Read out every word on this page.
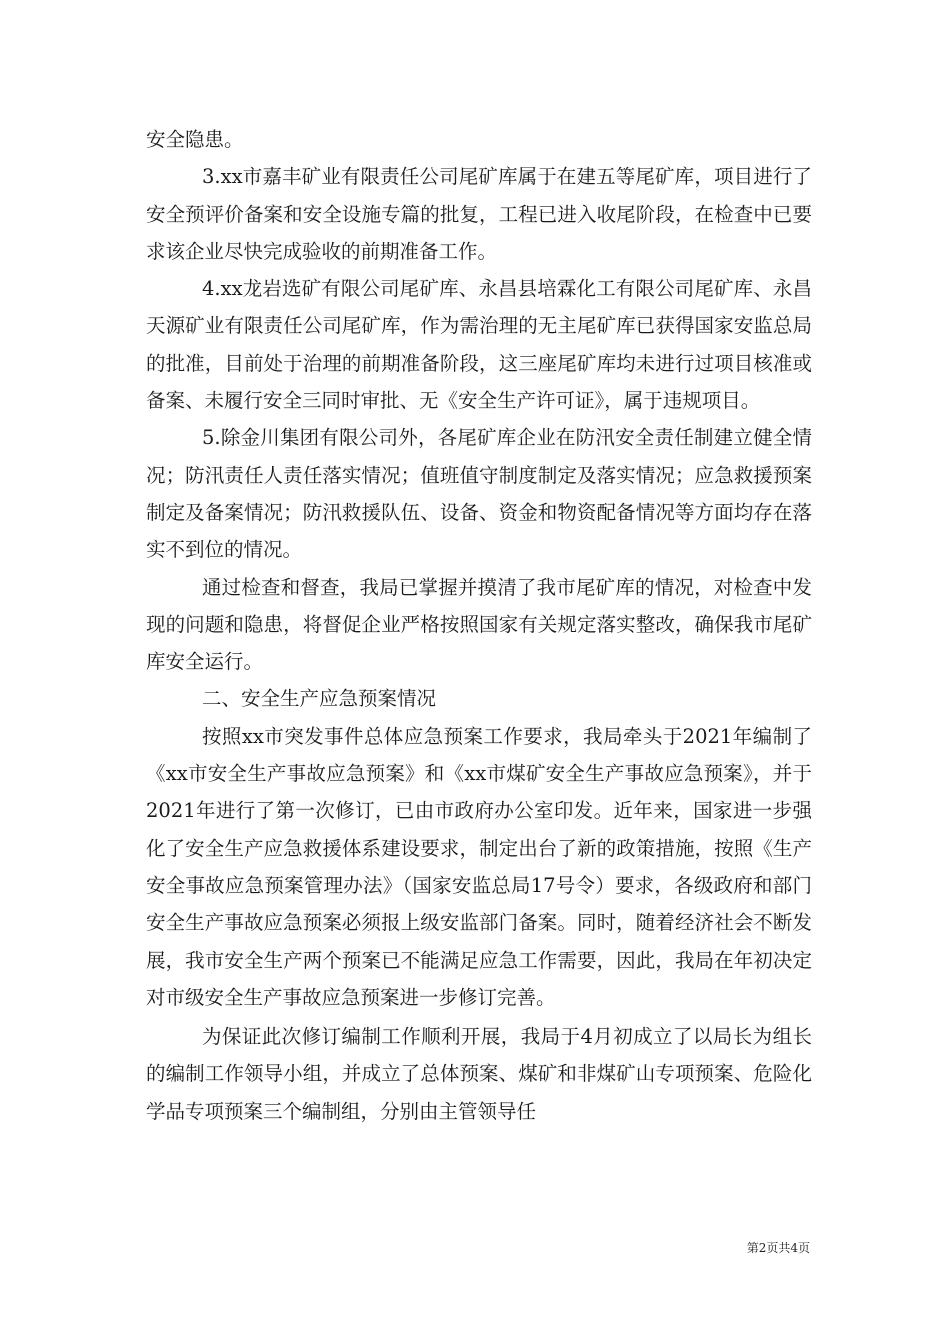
安全隐患。

3.xx市嘉丰矿业有限责任公司尾矿库属于在建五等尾矿库，项目进行了安全预评价备案和安全设施专篇的批复，工程已进入收尾阶段，在检查中已要求该企业尽快完成验收的前期准备工作。

4.xx龙岩选矿有限公司尾矿库、永昌县培霖化工有限公司尾矿库、永昌天源矿业有限责任公司尾矿库，作为需治理的无主尾矿库已获得国家安监总局的批准，目前处于治理的前期准备阶段，这三座尾矿库均未进行过项目核准或备案、未履行安全三同时审批、无《安全生产许可证》，属于违规项目。

5.除金川集团有限公司外，各尾矿库企业在防汛安全责任制建立健全情况；防汛责任人责任落实情况；值班值守制度制定及落实情况；应急救援预案制定及备案情况；防汛救援队伍、设备、资金和物资配备情况等方面均存在落实不到位的情况。

通过检查和督查，我局已掌握并摸清了我市尾矿库的情况，对检查中发现的问题和隐患，将督促企业严格按照国家有关规定落实整改，确保我市尾矿库安全运行。

二、安全生产应急预案情况

按照xx市突发事件总体应急预案工作要求，我局牵头于2021年编制了《xx市安全生产事故应急预案》和《xx市煤矿安全生产事故应急预案》，并于2021年进行了第一次修订，已由市政府办公室印发。近年来，国家进一步强化了安全生产应急救援体系建设要求，制定出台了新的政策措施，按照《生产安全事故应急预案管理办法》（国家安监总局17号令）要求，各级政府和部门安全生产事故应急预案必须报上级安监部门备案。同时，随着经济社会不断发展，我市安全生产两个预案已不能满足应急工作需要，因此，我局在年初决定对市级安全生产事故应急预案进一步修订完善。

为保证此次修订编制工作顺利开展，我局于4月初成立了以局长为组长的编制工作领导小组，并成立了总体预案、煤矿和非煤矿山专项预案、危险化学品专项预案三个编制组，分别由主管领导任

第2页共4页
